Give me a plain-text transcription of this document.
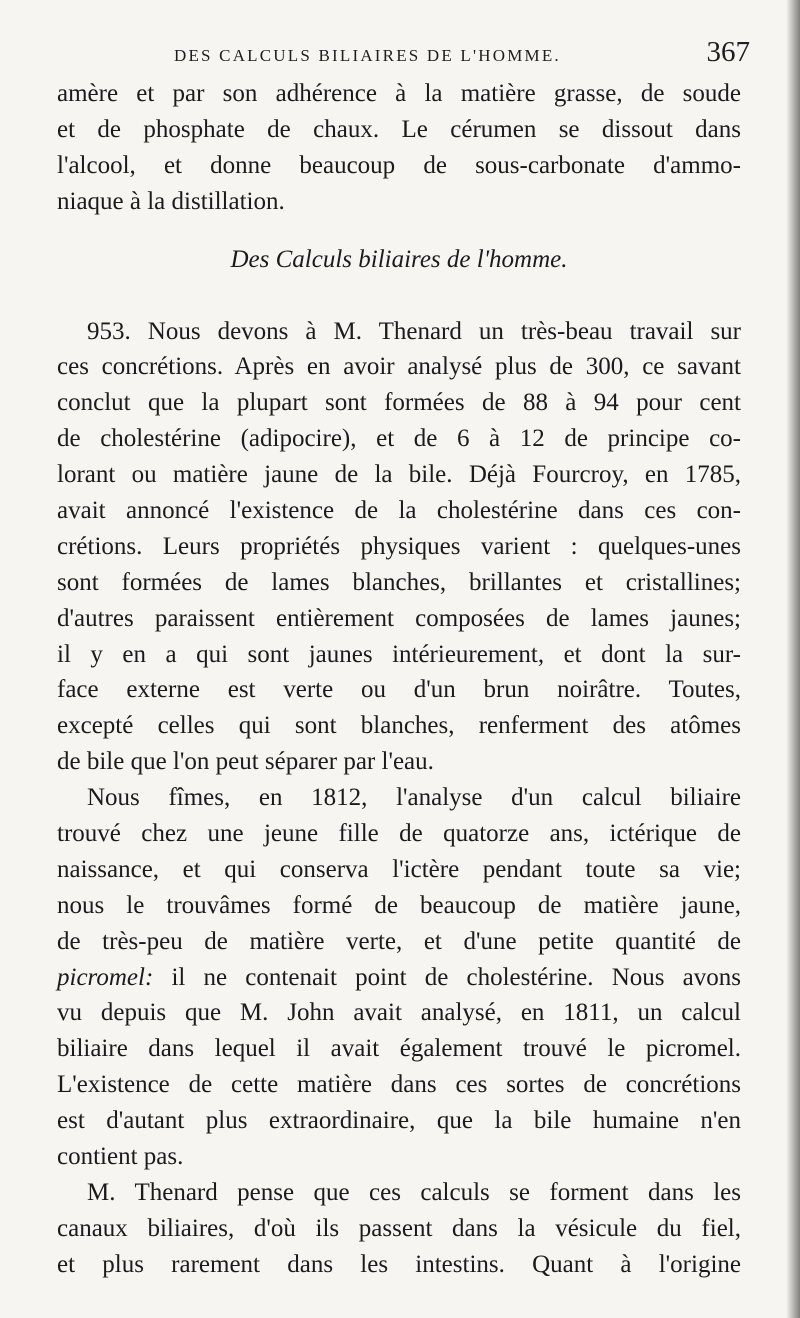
DES CALCULS BILIAIRES DE L'HOMME.	367
amère et par son adhérence à la matière grasse, de soude
et de phosphate de chaux. Le cérumen se dissout dans
l'alcool, et donne beaucoup de sous-carbonate d'ammo-
niaque à la distillation.
Des Calculs biliaires de l'homme.
953. Nous devons à M. Thenard un très-beau travail sur
ces concrétions. Après en avoir analysé plus de 300, ce savant
conclut que la plupart sont formées de 88 à 94 pour cent
de cholestérine (adipocire), et de 6 à 12 de principe co-
lorant ou matière jaune de la bile. Déjà Fourcroy, en 1785,
avait annoncé l'existence de la cholestérine dans ces con-
crétions. Leurs propriétés physiques varient : quelques-unes
sont formées de lames blanches, brillantes et cristallines;
d'autres paraissent entièrement composées de lames jaunes;
il y en a qui sont jaunes intérieurement, et dont la sur-
face externe est verte ou d'un brun noirâtre. Toutes,
excepté celles qui sont blanches, renferment des atômes
de bile que l'on peut séparer par l'eau.
Nous fîmes, en 1812, l'analyse d'un calcul biliaire
trouvé chez une jeune fille de quatorze ans, ictérique de
naissance, et qui conserva l'ictère pendant toute sa vie;
nous le trouvâmes formé de beaucoup de matière jaune,
de très-peu de matière verte, et d'une petite quantité de
picromel: il ne contenait point de cholestérine. Nous avons
vu depuis que M. John avait analysé, en 1811, un calcul
biliaire dans lequel il avait également trouvé le picromel.
L'existence de cette matière dans ces sortes de concrétions
est d'autant plus extraordinaire, que la bile humaine n'en
contient pas.
M. Thenard pense que ces calculs se forment dans les
canaux biliaires, d'où ils passent dans la vésicule du fiel,
et plus rarement dans les intestins. Quant à l'origine
